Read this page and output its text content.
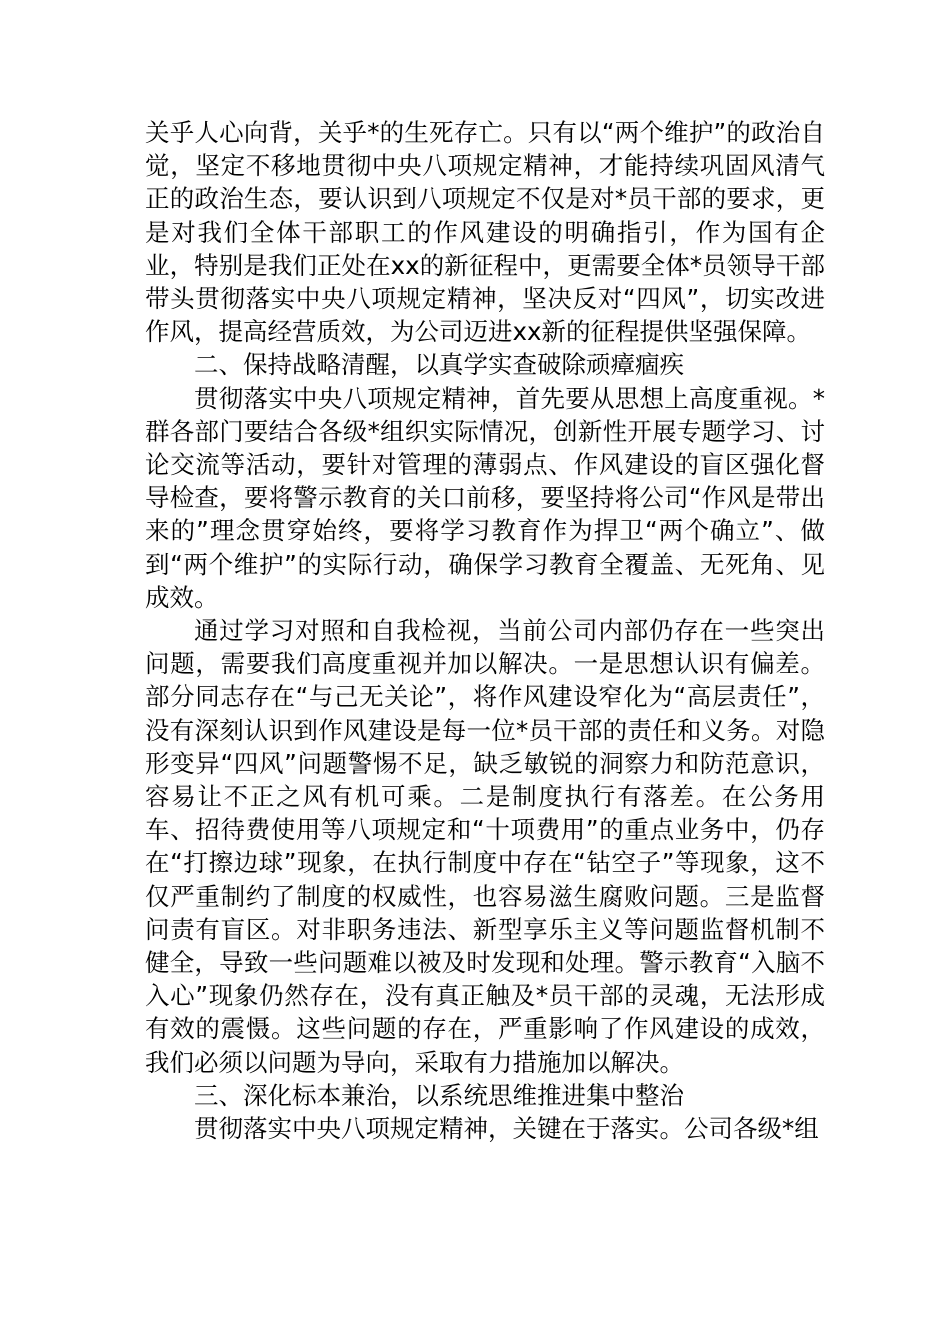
关乎人心向背，关乎*的生死存亡。只有以“两个维护”的政治自觉，坚定不移地贯彻中央八项规定精神，才能持续巩固风清气正的政治生态，要认识到八项规定不仅是对*员干部的要求，更是对我们全体干部职工的作风建设的明确指引，作为国有企业，特别是我们正处在xx的新征程中，更需要全体*员领导干部带头贯彻落实中央八项规定精神，坚决反对“四风”，切实改进作风，提高经营质效，为公司迈进xx新的征程提供坚强保障。

二、保持战略清醒，以真学实查破除顽瘴痼疾

贯彻落实中央八项规定精神，首先要从思想上高度重视。*群各部门要结合各级*组织实际情况，创新性开展专题学习、讨论交流等活动，要针对管理的薄弱点、作风建设的盲区强化督导检查，要将警示教育的关口前移，要坚持将公司“作风是带出来的”理念贯穿始终，要将学习教育作为捍卫“两个确立”、做到“两个维护”的实际行动，确保学习教育全覆盖、无死角、见成效。

通过学习对照和自我检视，当前公司内部仍存在一些突出问题，需要我们高度重视并加以解决。一是思想认识有偏差。部分同志存在“与己无关论”，将作风建设窄化为“高层责任”，没有深刻认识到作风建设是每一位*员干部的责任和义务。对隐形变异“四风”问题警惕不足，缺乏敏锐的洞察力和防范意识，容易让不正之风有机可乘。二是制度执行有落差。在公务用车、招待费使用等八项规定和“十项费用”的重点业务中，仍存在“打擦边球”现象，在执行制度中存在“钻空子”等现象，这不仅严重制约了制度的权威性，也容易滋生腐败问题。三是监督问责有盲区。对非职务违法、新型享乐主义等问题监督机制不健全，导致一些问题难以被及时发现和处理。警示教育“入脑不入心”现象仍然存在，没有真正触及*员干部的灵魂，无法形成有效的震慑。这些问题的存在，严重影响了作风建设的成效，我们必须以问题为导向，采取有力措施加以解决。

三、深化标本兼治，以系统思维推进集中整治

贯彻落实中央八项规定精神，关键在于落实。公司各级*组
